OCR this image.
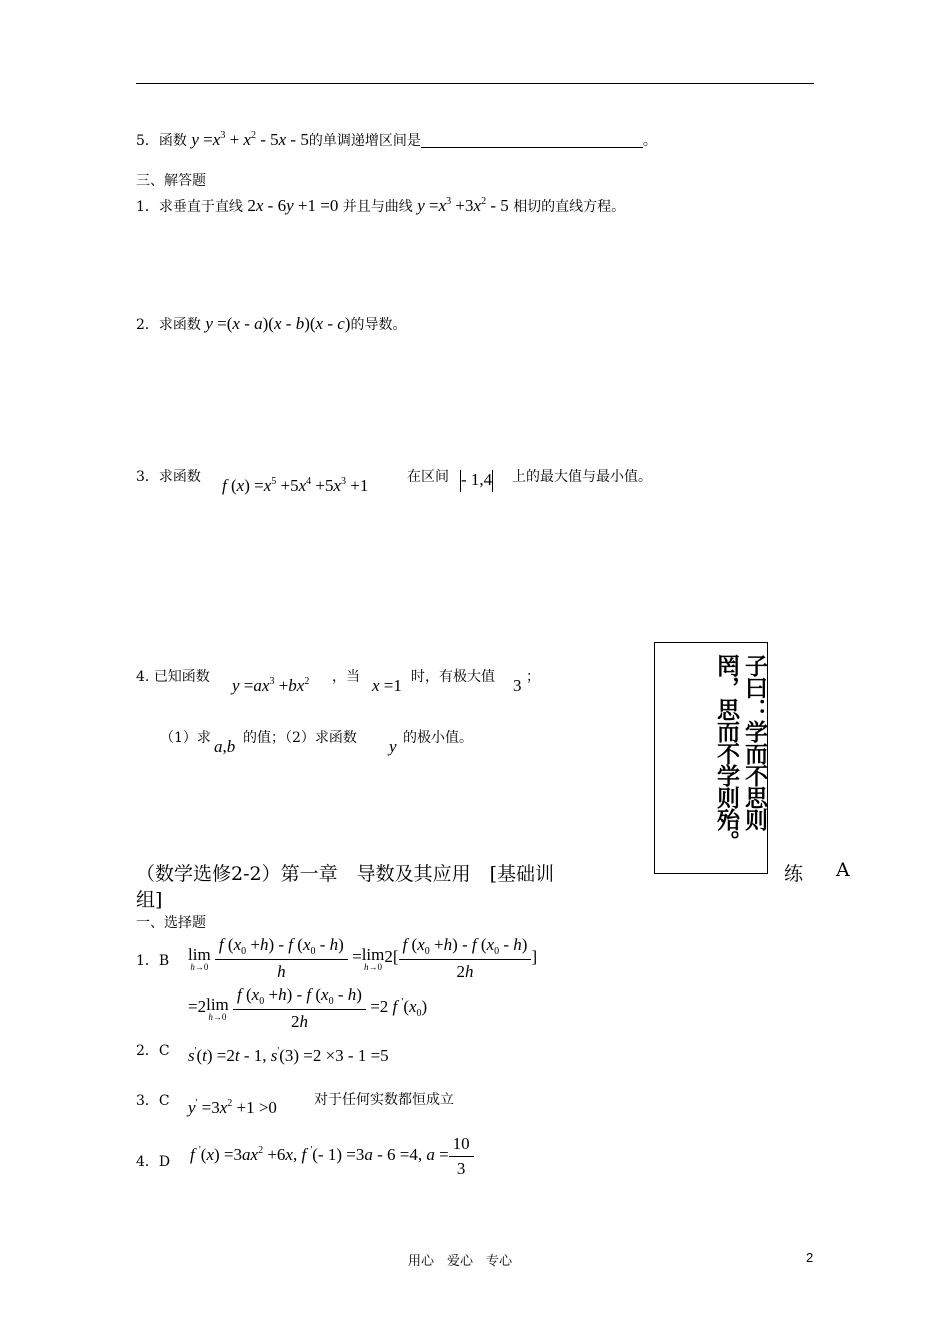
5．函数 $y =x^3 + x^2 - 5x - 5$的单调递增区间是	。
三、解答题
1．求垂直于直线 2x - 6y +1 =0 并且与曲线 $y =x^3 +3x^2 - 5$ 相切的直线方程。
2．求函数 y =(x - a)(x - b)(x - c)的导数。
3．求函数 f $(x) =x^5 +5x^4 +5x^3 +1$	在区间 - 1,4 上的最大值与最小值。
4. 已知函数 $y =ax^3 +bx^2$ ，当 x =1 时，有极大值 3 ；
（1）求 a,b 的值；（2）求函数 y 的极小值。	子曰：学而不思则罔，思而不学则殆。
（数学选修2-2）第一章　导数及其应用　[基础训	练 A
组]
一、选择题
1．B lim
h→0
$\frac{f (x_0 +h) - f (x_0 - h)}{h} = \lim$
h→0
$2[ \frac{f (x_0 +h) - f (x_0 - h)}{2h}$ ]
=2 lim
h→0
$\frac{f (x_0 +h) - f (x_0 - h)}{2h} =2$ f $'(x_0)$
2．C s'(t) =2t - 1, s'(3) =2 ×3 - 1 =5
3．C $y' =3x^2 +1 >0$	对于任何实数都恒成立
4．D f $'(x) =3ax^2 +6x$, f '(- 1) =3a - 6 =4, $a = \frac{10}{3}$
用心　爱心　专心	2
